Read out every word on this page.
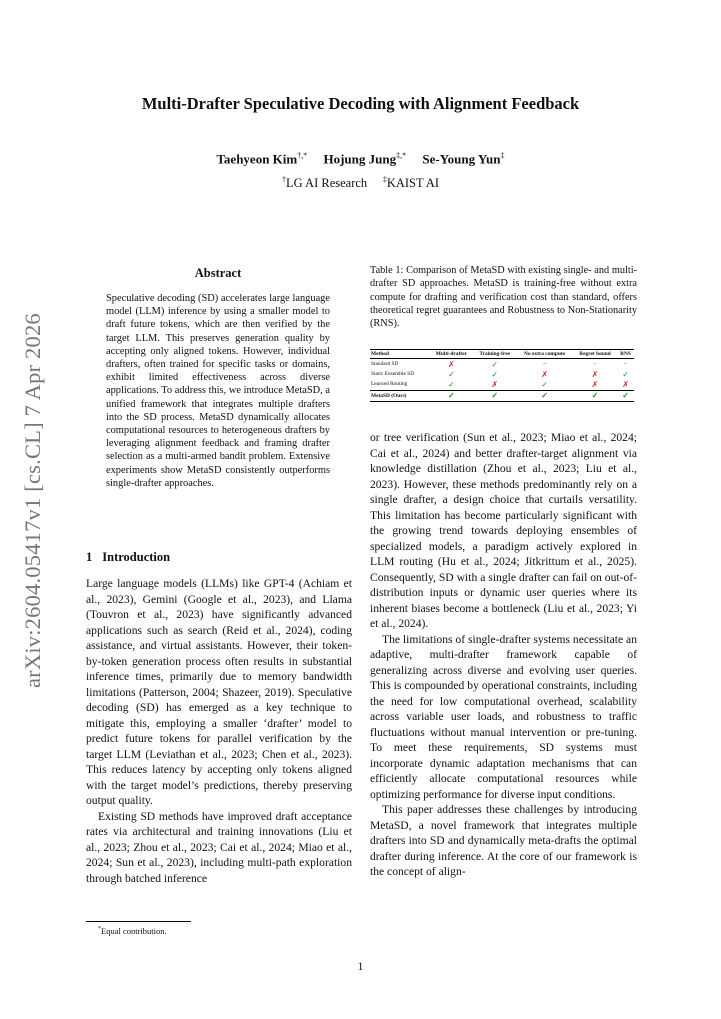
Multi-Drafter Speculative Decoding with Alignment Feedback
Taehyeon Kim†,* Hojung Jung‡,* Se-Young Yun‡
†LG AI Research ‡KAIST AI
arXiv:2604.05417v1 [cs.CL] 7 Apr 2026
Abstract
Speculative decoding (SD) accelerates large language model (LLM) inference by using a smaller model to draft future tokens, which are then verified by the target LLM. This preserves generation quality by accepting only aligned tokens. However, individual drafters, often trained for specific tasks or domains, exhibit limited effectiveness across diverse applications. To address this, we introduce MetaSD, a unified framework that integrates multiple drafters into the SD process. MetaSD dynamically allocates computational resources to heterogeneous drafters by leveraging alignment feedback and framing drafter selection as a multi-armed bandit problem. Extensive experiments show MetaSD consistently outperforms single-drafter approaches.
1 Introduction

Large language models (LLMs) like GPT-4 (Achiam et al., 2023), Gemini (Google et al., 2023), and Llama (Touvron et al., 2023) have significantly advanced applications such as search (Reid et al., 2024), coding assistance, and virtual assistants. However, their token-by-token generation process often results in substantial inference times, primarily due to memory bandwidth limitations (Patterson, 2004; Shazeer, 2019). Speculative decoding (SD) has emerged as a key technique to mitigate this, employing a smaller ‘drafter’ model to predict future tokens for parallel verification by the target LLM (Leviathan et al., 2023; Chen et al., 2023). This reduces latency by accepting only tokens aligned with the target model’s predictions, thereby preserving output quality.

Existing SD methods have improved draft acceptance rates via architectural and training innovations (Liu et al., 2023; Zhou et al., 2023; Cai et al., 2024; Miao et al., 2024; Sun et al., 2023), including multi-path exploration through batched inference

Table 1: Comparison of MetaSD with existing single- and multi-drafter SD approaches. MetaSD is training-free without extra compute for drafting and verification cost than standard, offers theoretical regret guarantees and Robustness to Non-Stationarity (RNS).
Method	Multi-drafter	Training-free	No extra compute	Regret bound	RNS
Standard SD	✗	✓	–	–	–
Static Ensemble SD	✓	✓	✗	✗	✓
Learned Routing	✓	✗	✓	✗	✗
MetaSD (Ours)	✓	✓	✓	✓	✓

or tree verification (Sun et al., 2023; Miao et al., 2024; Cai et al., 2024) and better drafter-target alignment via knowledge distillation (Zhou et al., 2023; Liu et al., 2023). However, these methods predominantly rely on a single drafter, a design choice that curtails versatility. This limitation has become particularly significant with the growing trend towards deploying ensembles of specialized models, a paradigm actively explored in LLM routing (Hu et al., 2024; Jitkrittum et al., 2025). Consequently, SD with a single drafter can fail on out-of-distribution inputs or dynamic user queries where its inherent biases become a bottleneck (Liu et al., 2023; Yi et al., 2024).

The limitations of single-drafter systems necessitate an adaptive, multi-drafter framework capable of generalizing across diverse and evolving user queries. This is compounded by operational constraints, including the need for low computational overhead, scalability across variable user loads, and robustness to traffic fluctuations without manual intervention or pre-tuning. To meet these requirements, SD systems must incorporate dynamic adaptation mechanisms that can efficiently allocate computational resources while optimizing performance for diverse input conditions.

This paper addresses these challenges by introducing MetaSD, a novel framework that integrates multiple drafters into SD and dynamically meta-drafts the optimal drafter during inference. At the core of our framework is the concept of align-

*Equal contribution.
1
